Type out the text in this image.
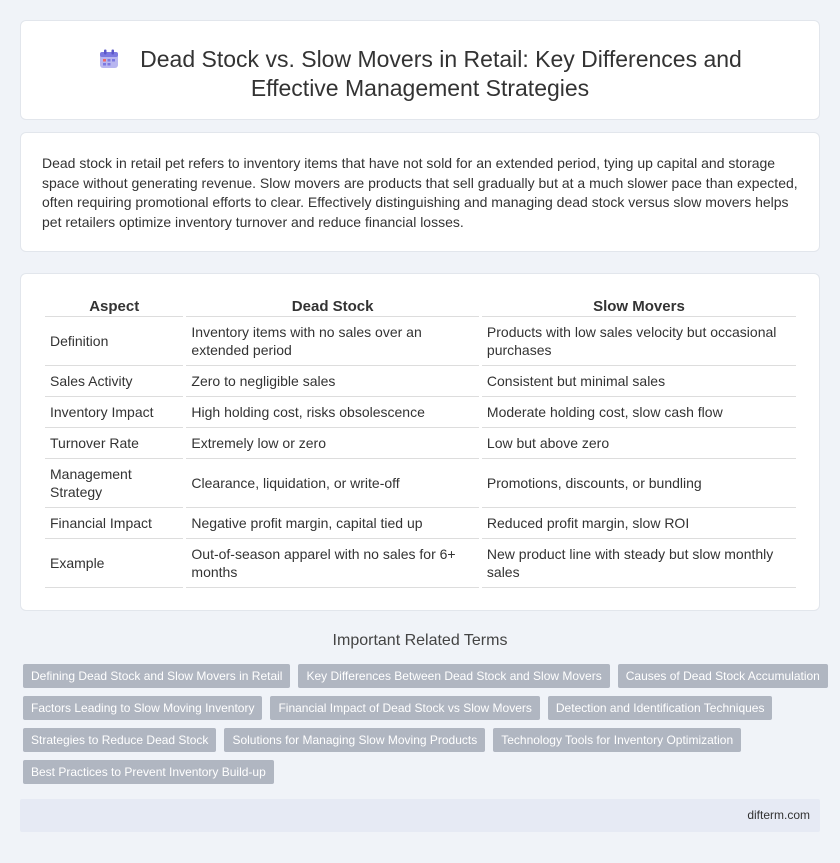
Dead Stock vs. Slow Movers in Retail: Key Differences and Effective Management Strategies

Dead stock in retail pet refers to inventory items that have not sold for an extended period, tying up capital and storage space without generating revenue. Slow movers are products that sell gradually but at a much slower pace than expected, often requiring promotional efforts to clear. Effectively distinguishing and managing dead stock versus slow movers helps pet retailers optimize inventory turnover and reduce financial losses.

Aspect	Dead Stock	Slow Movers
Definition	Inventory items with no sales over an extended period	Products with low sales velocity but occasional purchases
Sales Activity	Zero to negligible sales	Consistent but minimal sales
Inventory Impact	High holding cost, risks obsolescence	Moderate holding cost, slow cash flow
Turnover Rate	Extremely low or zero	Low but above zero
Management Strategy	Clearance, liquidation, or write-off	Promotions, discounts, or bundling
Financial Impact	Negative profit margin, capital tied up	Reduced profit margin, slow ROI
Example	Out-of-season apparel with no sales for 6+ months	New product line with steady but slow monthly sales
Important Related Terms
Defining Dead Stock and Slow Movers in Retail	Key Differences Between Dead Stock and Slow Movers	Causes of Dead Stock Accumulation
Factors Leading to Slow Moving Inventory	Financial Impact of Dead Stock vs Slow Movers	Detection and Identification Techniques
Strategies to Reduce Dead Stock	Solutions for Managing Slow Moving Products	Technology Tools for Inventory Optimization
Best Practices to Prevent Inventory Build-up
difterm.com
